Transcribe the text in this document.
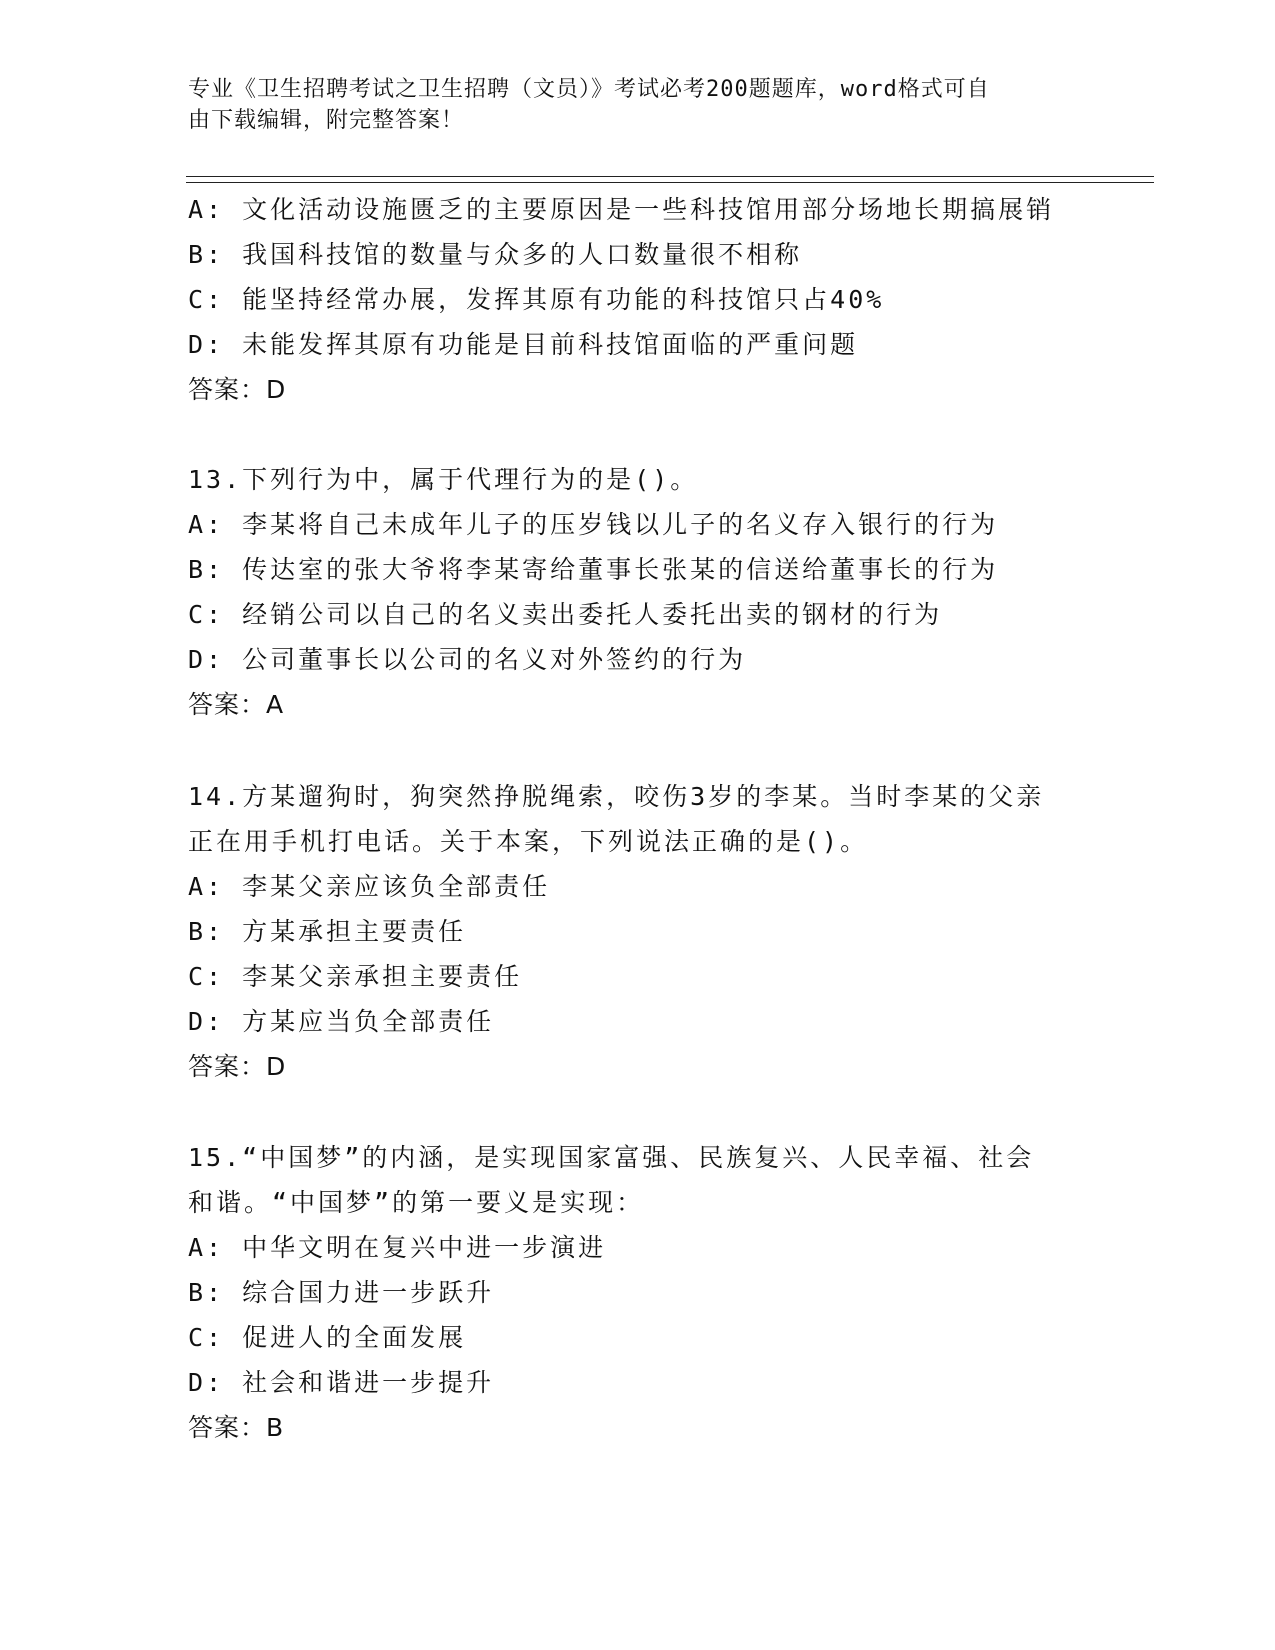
专业《卫生招聘考试之卫生招聘（文员）》考试必考200题题库，word格式可自
由下载编辑，附完整答案！
A: 文化活动设施匮乏的主要原因是一些科技馆用部分场地长期搞展销
B: 我国科技馆的数量与众多的人口数量很不相称
C: 能坚持经常办展，发挥其原有功能的科技馆只占40%
D: 未能发挥其原有功能是目前科技馆面临的严重问题
答案：D
13.下列行为中，属于代理行为的是()。
A: 李某将自己未成年儿子的压岁钱以儿子的名义存入银行的行为
B: 传达室的张大爷将李某寄给董事长张某的信送给董事长的行为
C: 经销公司以自己的名义卖出委托人委托出卖的钢材的行为
D: 公司董事长以公司的名义对外签约的行为
答案：A
14.方某遛狗时，狗突然挣脱绳索，咬伤3岁的李某。当时李某的父亲
正在用手机打电话。关于本案，下列说法正确的是()。
A: 李某父亲应该负全部责任
B: 方某承担主要责任
C: 李某父亲承担主要责任
D: 方某应当负全部责任
答案：D
15.“中国梦”的内涵，是实现国家富强、民族复兴、人民幸福、社会
和谐。“中国梦”的第一要义是实现：
A: 中华文明在复兴中进一步演进
B: 综合国力进一步跃升
C: 促进人的全面发展
D: 社会和谐进一步提升
答案：B
